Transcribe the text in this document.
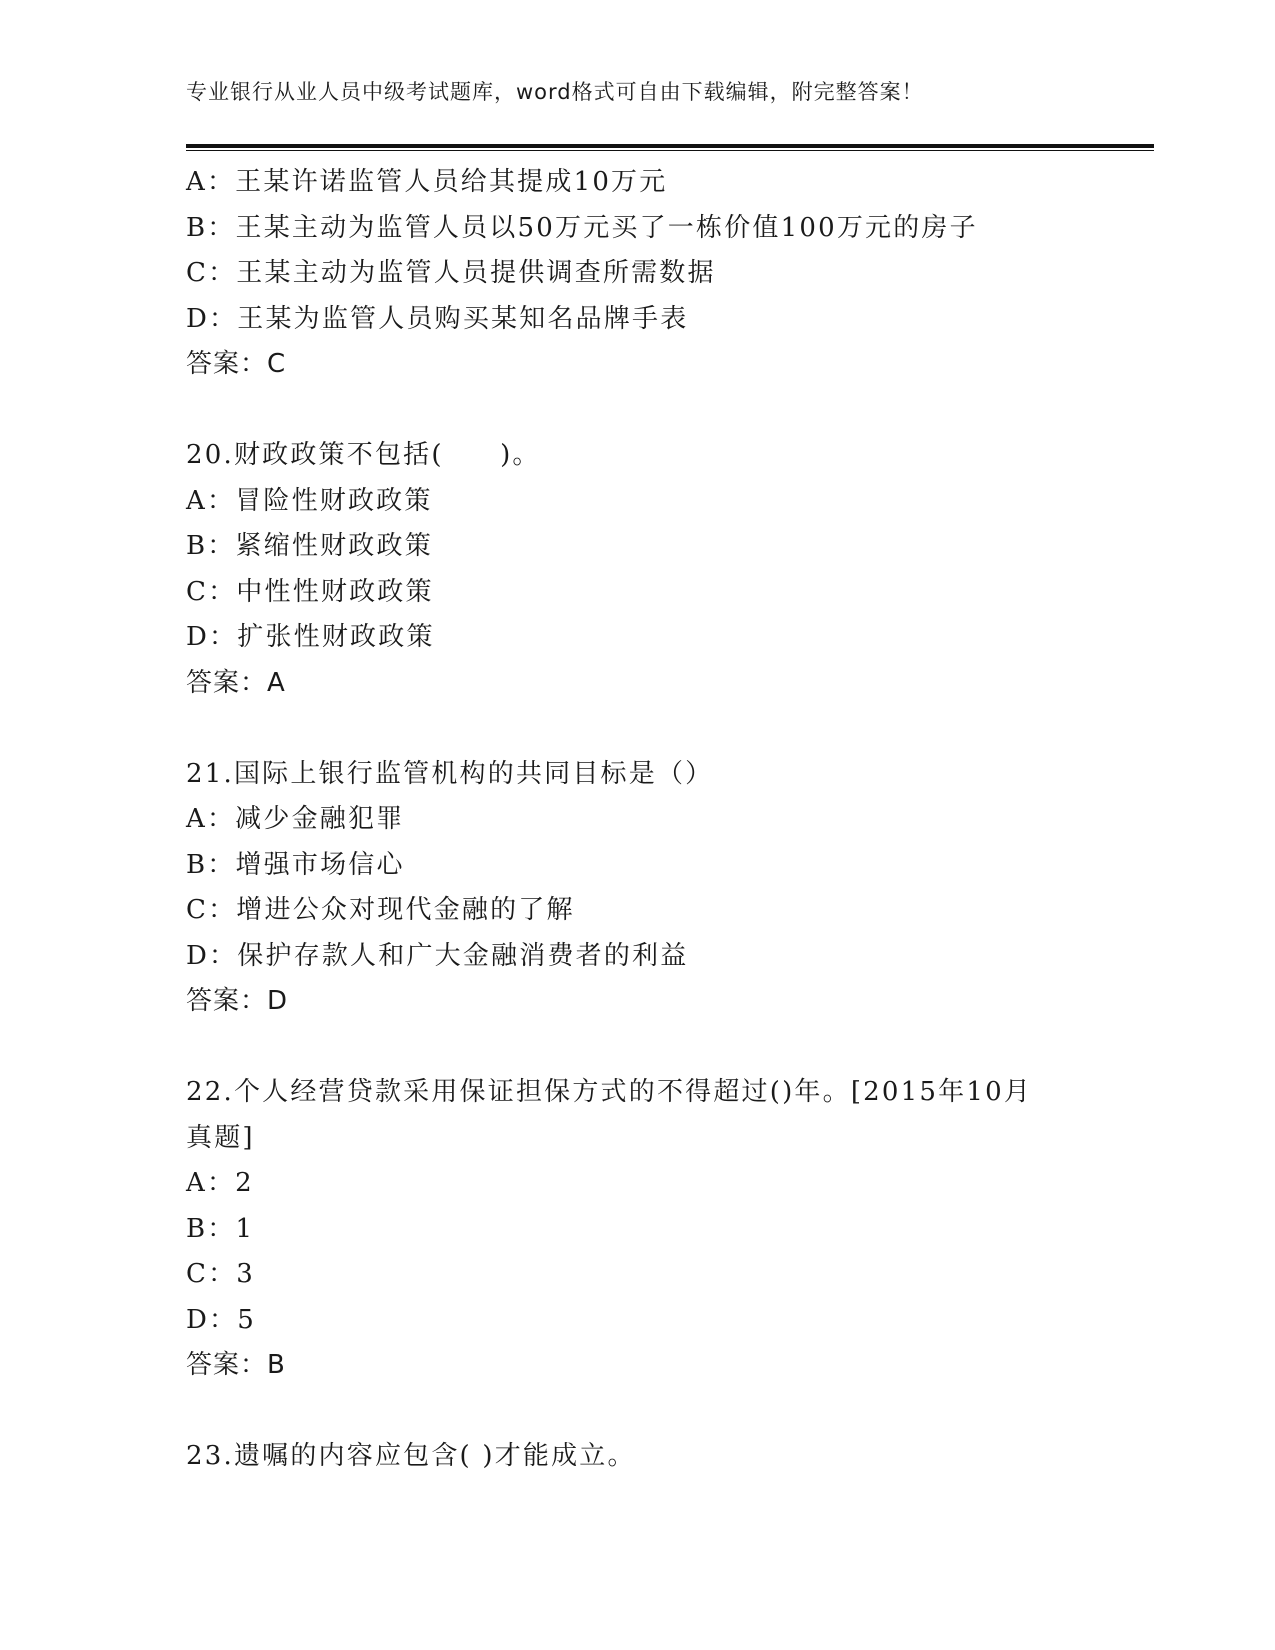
专业银行从业人员中级考试题库，word格式可自由下载编辑，附完整答案！
A：王某许诺监管人员给其提成10万元
B：王某主动为监管人员以50万元买了一栋价值100万元的房子
C：王某主动为监管人员提供调查所需数据
D：王某为监管人员购买某知名品牌手表
答案：C
20.财政政策不包括(　　)。
A：冒险性财政政策
B：紧缩性财政政策
C：中性性财政政策
D：扩张性财政政策
答案：A
21.国际上银行监管机构的共同目标是（）
A：减少金融犯罪
B：增强市场信心
C：增进公众对现代金融的了解
D：保护存款人和广大金融消费者的利益
答案：D
22.个人经营贷款采用保证担保方式的不得超过()年。[2015年10月真题]
A：2
B：1
C：3
D：5
答案：B
23.遗嘱的内容应包含( )才能成立。
